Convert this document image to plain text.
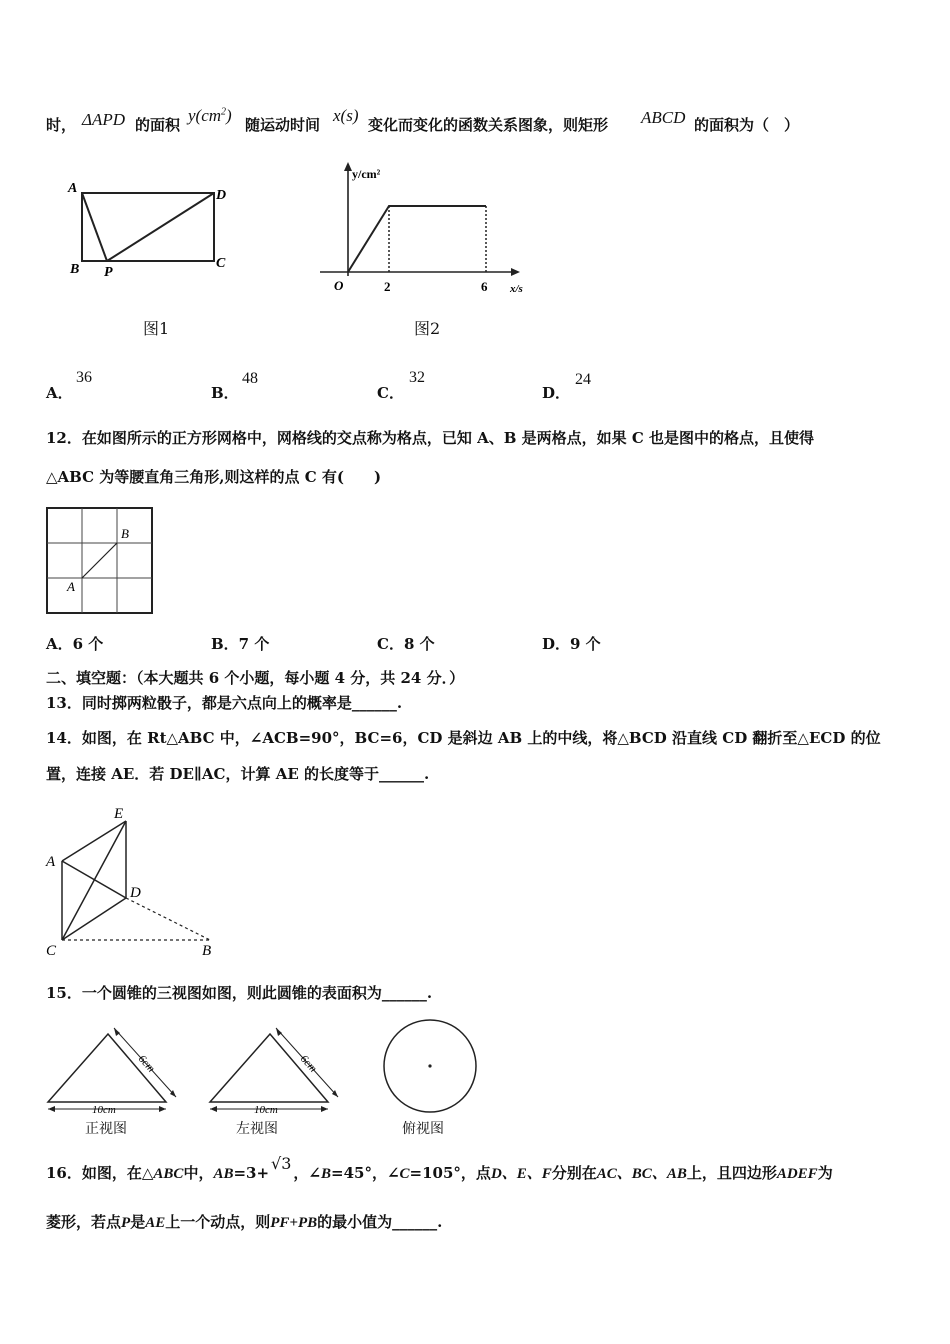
时， ΔAPD 的面积 $y(cm^2)$ 随运动时间 x(s) 变化而变化的函数关系图象，则矩形 ABCD 的面积为（　）
A	D
B P
C
图1
y/cm²
x/s
O	2	6
图2
A．
36
B．
48
C．
32
D．
24
12．在如图所示的正方形网格中，网格线的交点称为格点，已知 A、B 是两格点，如果 C 也是图中的格点，且使得
△ABC 为等腰直角三角形,则这样的点 C 有(　　)
B
A
A．6 个	B．7 个	C．8 个	D．9 个
二、填空题：（本大题共 6 个小题，每小题 4 分，共 24 分．）
13．同时掷两粒骰子，都是六点向上的概率是______.
14．如图，在 Rt△ABC 中，∠ACB=90°，BC=6，CD 是斜边 AB 上的中线，将△BCD 沿直线 CD 翻折至△ECD 的位
置，连接 AE．若 DE∥AC，计算 AE 的长度等于______.
E
A
D
C	B
15．一个圆锥的三视图如图，则此圆锥的表面积为______.
6cm
10cm
正视图
6cm
10cm
左视图	俯视图
16．如图，在△ABC中，AB=3+ √3 ，∠B=45°，∠C=105°，点D、E、F分别在AC、BC、AB上，且四边形ADEF为
菱形，若点P是AE上一个动点，则PF+PB的最小值为______.
